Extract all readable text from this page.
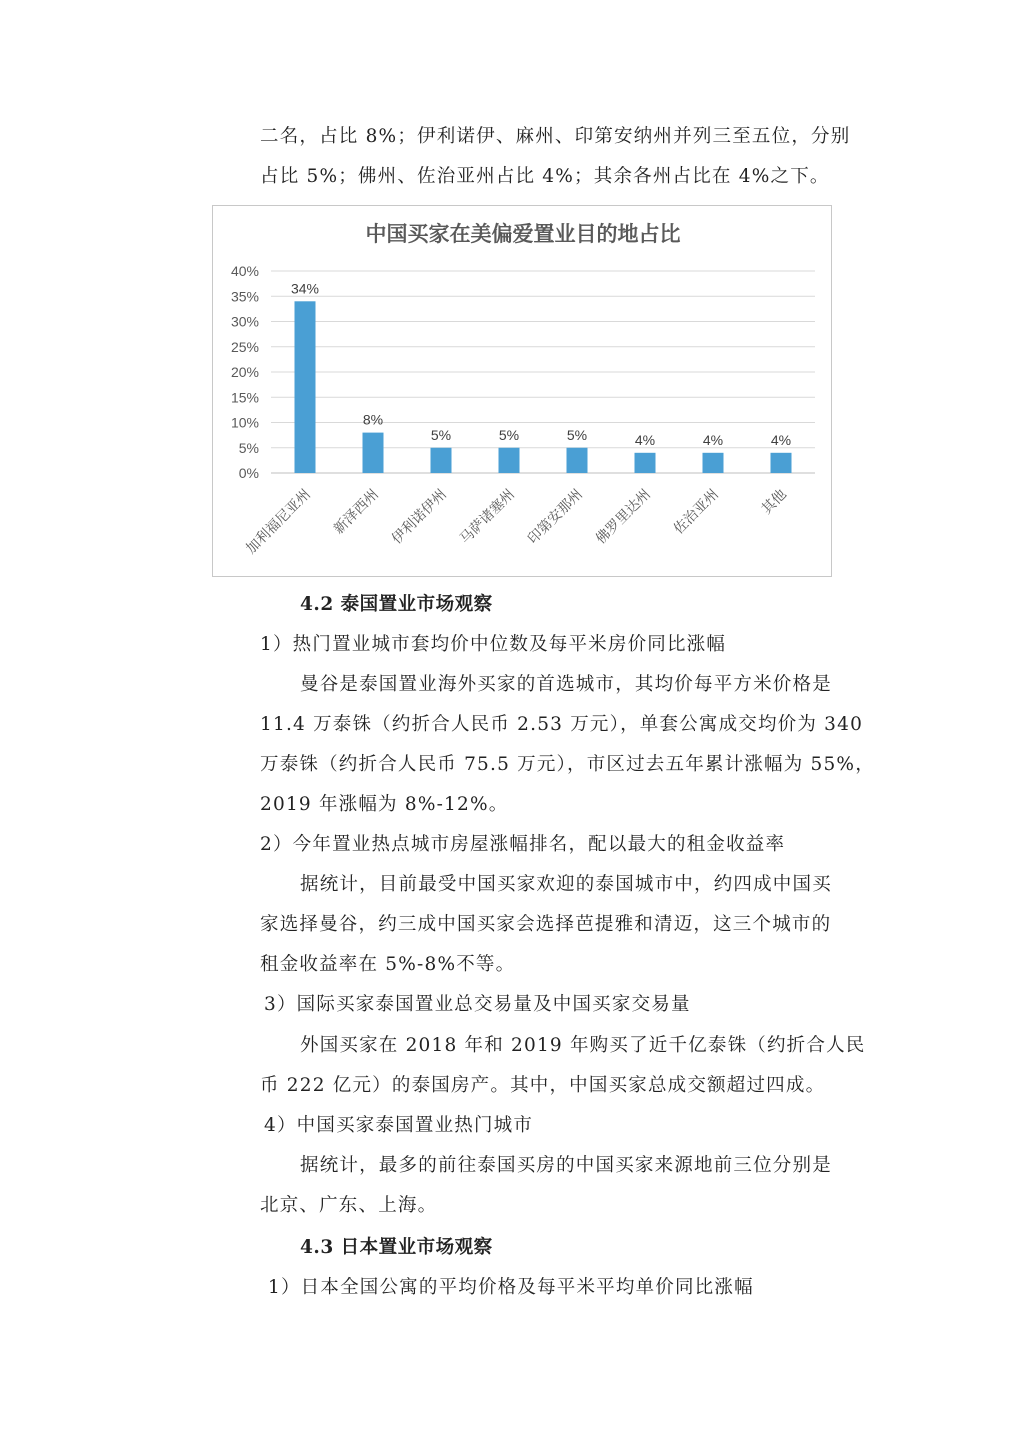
二名，占比 8%；伊利诺伊、麻州、印第安纳州并列三至五位，分别
占比 5%；佛州、佐治亚州占比 4%；其余各州占比在 4%之下。
中国买家在美偏爱置业目的地占比
0%
5%
10%
15%
20%
25%
30%
35%
40%
34%
8%
5%	5%	5%	4%	4%	4%
加利福尼亚州 新泽西州 伊利诺伊州 马萨诸塞州 印第安那州 佛罗里达州 佐治亚州	其他
4.2 泰国置业市场观察
1）热门置业城市套均价中位数及每平米房价同比涨幅
曼谷是泰国置业海外买家的首选城市，其均价每平方米价格是
11.4 万泰铢（约折合人民币 2.53 万元），单套公寓成交均价为 340
万泰铢（约折合人民币 75.5 万元），市区过去五年累计涨幅为 55%，
2019 年涨幅为 8%-12%。
2）今年置业热点城市房屋涨幅排名，配以最大的租金收益率
据统计，目前最受中国买家欢迎的泰国城市中，约四成中国买
家选择曼谷，约三成中国买家会选择芭提雅和清迈，这三个城市的
租金收益率在 5%-8%不等。
3）国际买家泰国置业总交易量及中国买家交易量
外国买家在 2018 年和 2019 年购买了近千亿泰铢（约折合人民
币 222 亿元）的泰国房产。其中，中国买家总成交额超过四成。
4）中国买家泰国置业热门城市
据统计，最多的前往泰国买房的中国买家来源地前三位分别是
北京、广东、上海。
4.3 日本置业市场观察
1）日本全国公寓的平均价格及每平米平均单价同比涨幅
